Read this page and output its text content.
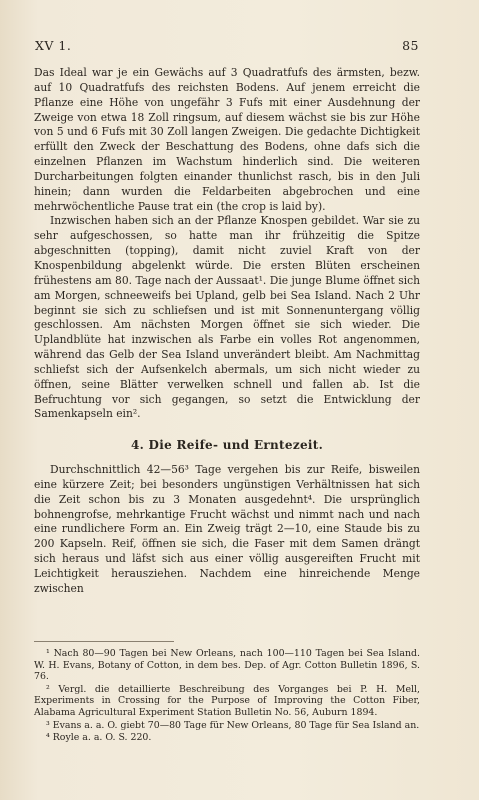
XV 1.	85

Das Ideal war je ein Gewächs auf 3 Quadratfufs des ärmsten, bezw. auf 10 Quadratfufs des reichsten Bodens. Auf jenem erreicht die Pflanze eine Höhe von ungefähr 3 Fufs mit einer Ausdehnung der Zweige von etwa 18 Zoll ringsum, auf diesem wächst sie bis zur Höhe von 5 und 6 Fufs mit 30 Zoll langen Zweigen. Die gedachte Dichtigkeit erfüllt den Zweck der Beschattung des Bodens, ohne dafs sich die einzelnen Pflanzen im Wachstum hinderlich sind. Die weiteren Durcharbeitungen folgten einander thunlichst rasch, bis in den Juli hinein; dann wurden die Feldarbeiten abgebrochen und eine mehrwöchentliche Pause trat ein (the crop is laid by).

Inzwischen haben sich an der Pflanze Knospen gebildet. War sie zu sehr aufgeschossen, so hatte man ihr frühzeitig die Spitze abgeschnitten (topping), damit nicht zuviel Kraft von der Knospenbildung abgelenkt würde. Die ersten Blüten erscheinen frühestens am 80. Tage nach der Aussaat¹. Die junge Blume öffnet sich am Morgen, schneeweifs bei Upland, gelb bei Sea Island. Nach 2 Uhr beginnt sie sich zu schliefsen und ist mit Sonnenuntergang völlig geschlossen. Am nächsten Morgen öffnet sie sich wieder. Die Uplandblüte hat inzwischen als Farbe ein volles Rot angenommen, während das Gelb der Sea Island unverändert bleibt. Am Nachmittag schliefst sich der Aufsenkelch abermals, um sich nicht wieder zu öffnen, seine Blätter verwelken schnell und fallen ab. Ist die Befruchtung vor sich gegangen, so setzt die Entwicklung der Samenkapseln ein².

4. Die Reife- und Erntezeit.

Durchschnittlich 42—56³ Tage vergehen bis zur Reife, bisweilen eine kürzere Zeit; bei besonders ungünstigen Verhältnissen hat sich die Zeit schon bis zu 3 Monaten ausgedehnt⁴. Die ursprünglich bohnengrofse, mehrkantige Frucht wächst und nimmt nach und nach eine rundlichere Form an. Ein Zweig trägt 2—10, eine Staude bis zu 200 Kapseln. Reif, öffnen sie sich, die Faser mit dem Samen drängt sich heraus und läfst sich aus einer völlig ausgereiften Frucht mit Leichtigkeit herausziehen. Nachdem eine hinreichende Menge zwischen

¹ Nach 80—90 Tagen bei New Orleans, nach 100—110 Tagen bei Sea Island. W. H. Evans, Botany of Cotton, in dem bes. Dep. of Agr. Cotton Bulletin 1896, S. 76.

² Vergl. die detaillierte Beschreibung des Vorganges bei P. H. Mell, Experiments in Crossing for the Purpose of Improving the Cotton Fiber, Alabama Agricultural Experiment Station Bulletin No. 56, Auburn 1894.

³ Evans a. a. O. giebt 70—80 Tage für New Orleans, 80 Tage für Sea Island an.

⁴ Royle a. a. O. S. 220.
